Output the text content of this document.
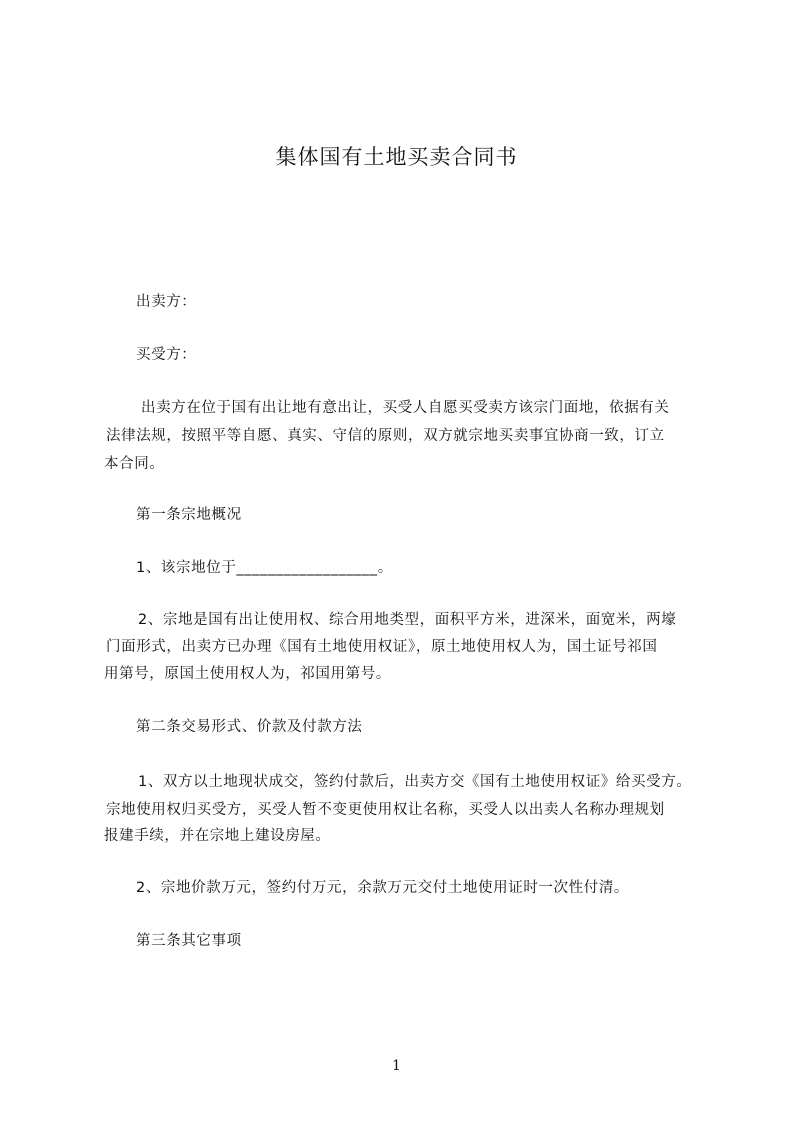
集体国有土地买卖合同书
出卖方：
买受方：
出卖方在位于国有出让地有意出让，买受人自愿买受卖方该宗门面地，依据有关
法律法规，按照平等自愿、真实、守信的原则，双方就宗地买卖事宜协商一致，订立
本合同。
第一条宗地概况
1、该宗地位于__________________。
2、宗地是国有出让使用权、综合用地类型，面积平方米，进深米，面宽米，两壕
门面形式，出卖方已办理《国有土地使用权证》，原土地使用权人为，国土证号祁国
用第号，原国土使用权人为，祁国用第号。
第二条交易形式、价款及付款方法
1、双方以土地现状成交，签约付款后，出卖方交《国有土地使用权证》给买受方。
宗地使用权归买受方，买受人暂不变更使用权让名称，买受人以出卖人名称办理规划
报建手续，并在宗地上建设房屋。
2、宗地价款万元，签约付万元，余款万元交付土地使用证时一次性付清。
第三条其它事项
1
